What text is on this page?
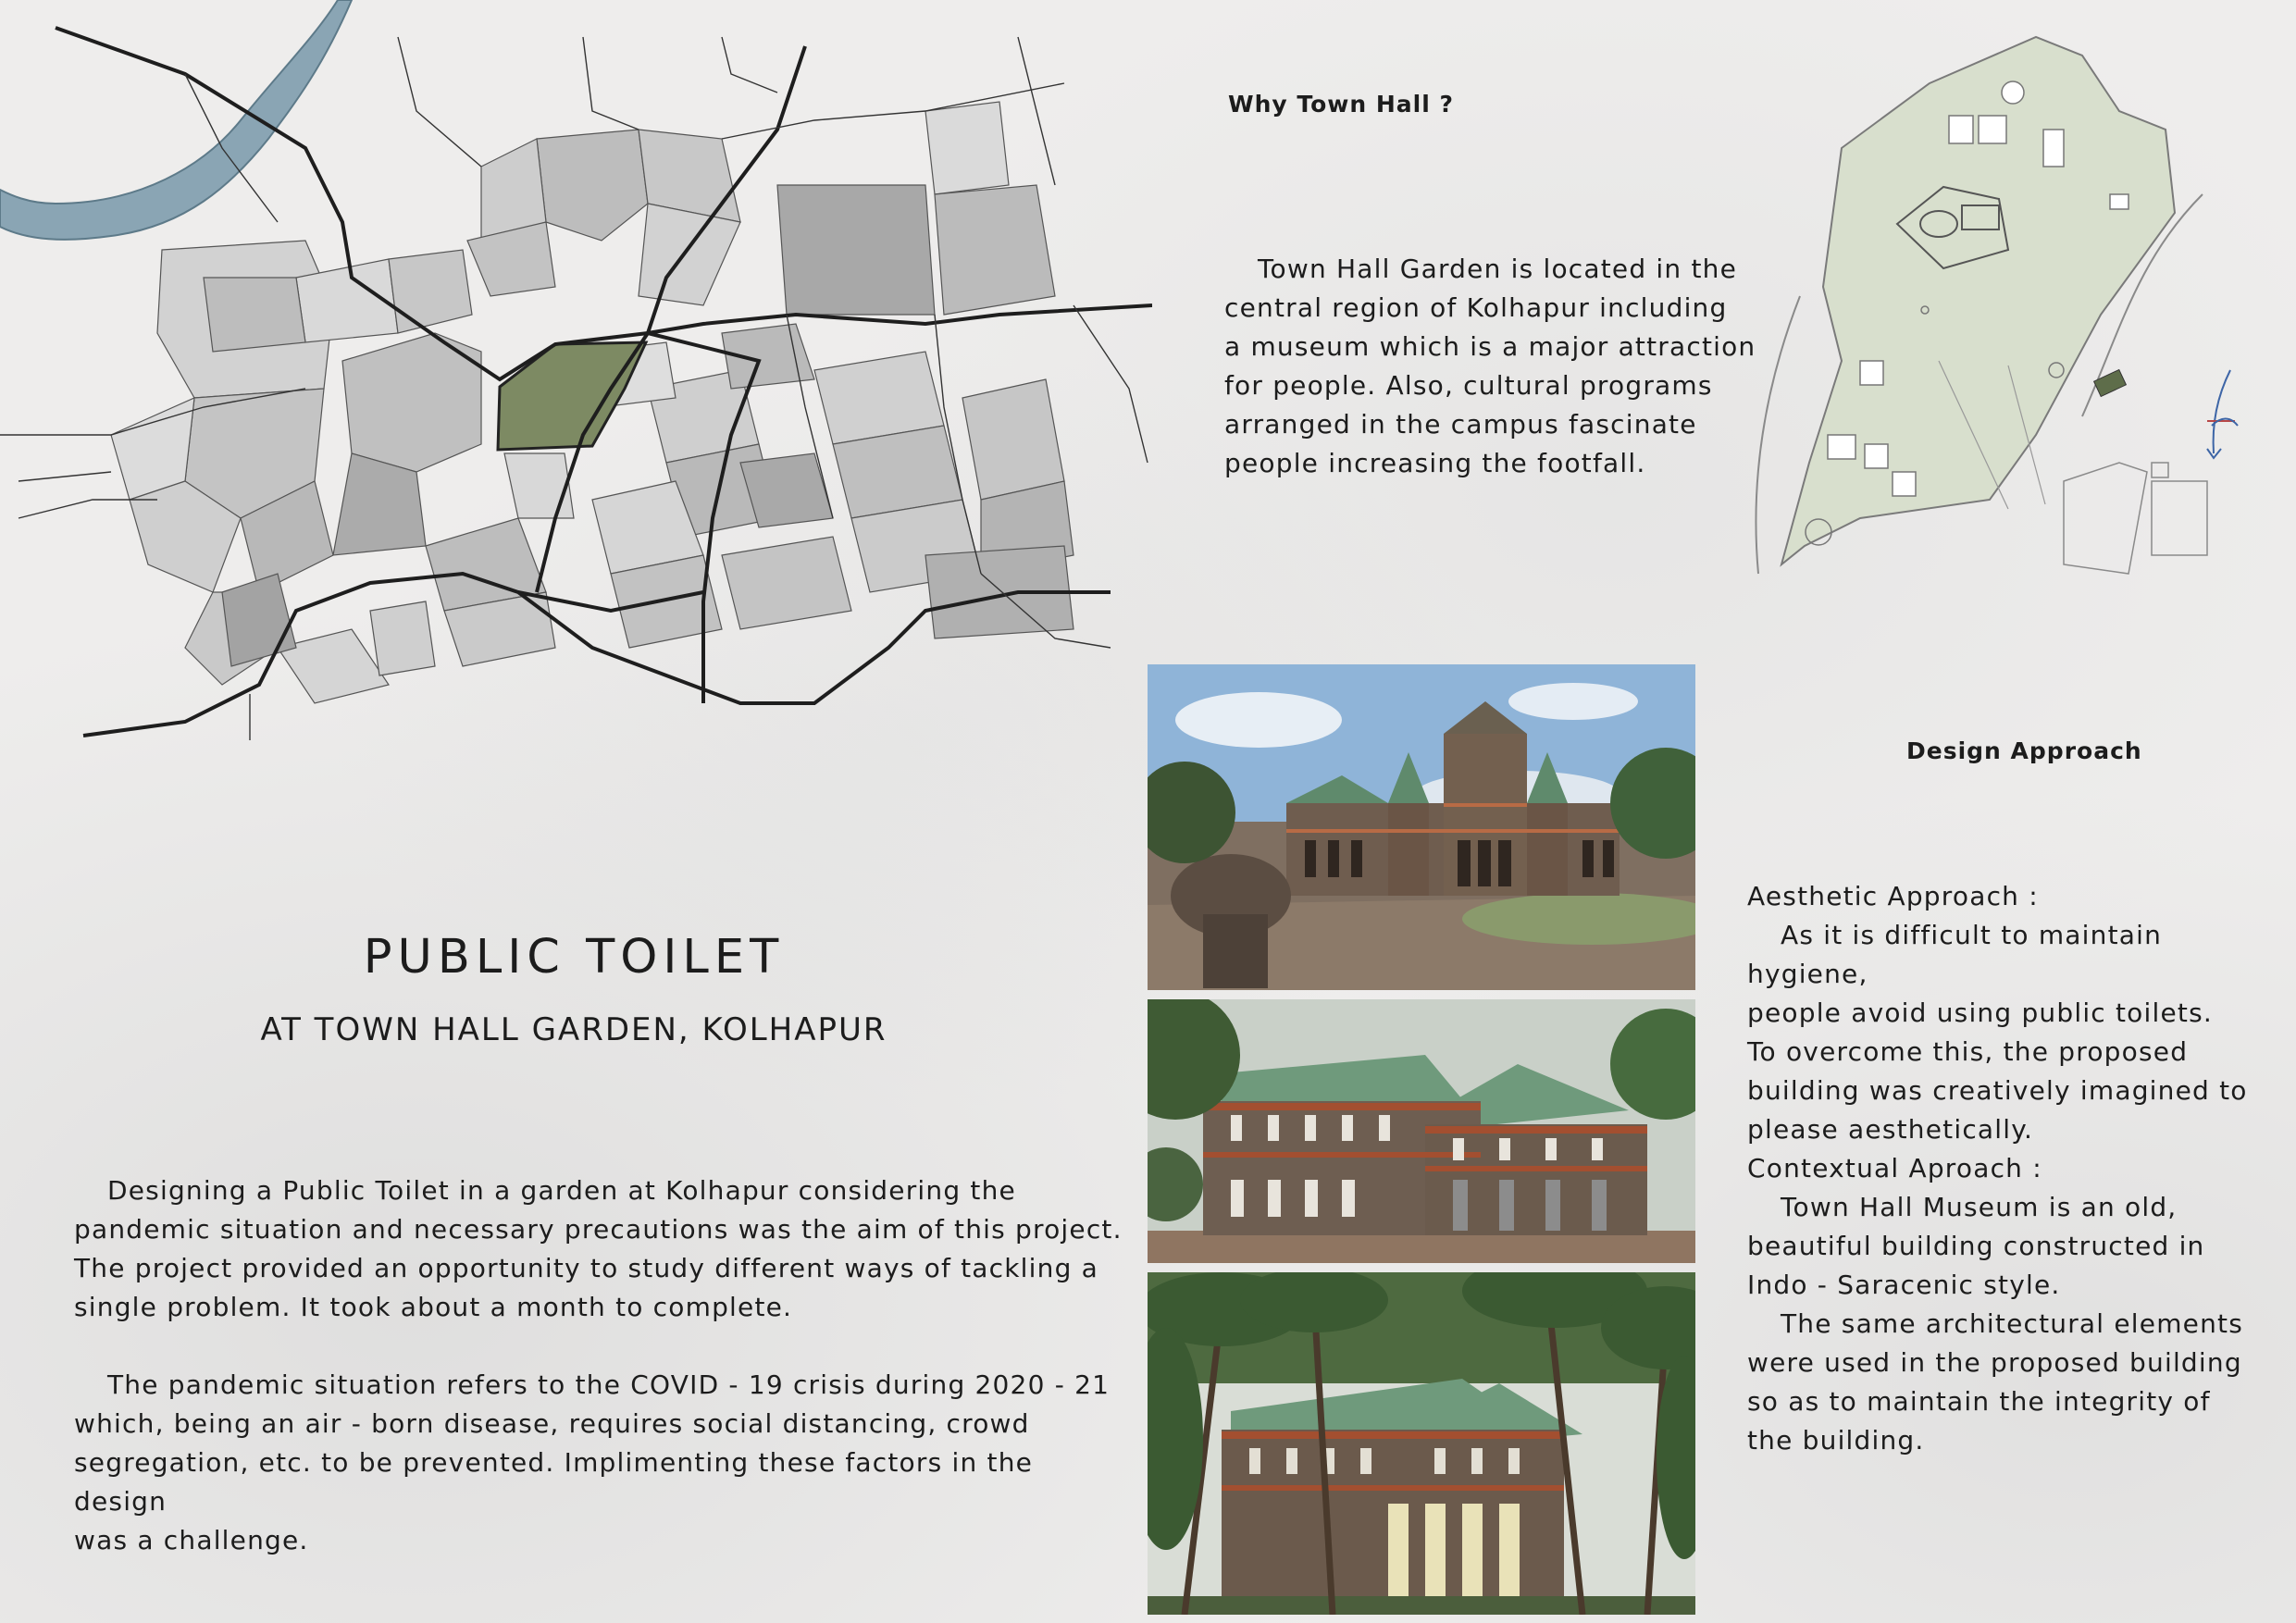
Why Town Hall ?
Town Hall Garden is located in the
central region of Kolhapur including
a museum which is a major attraction
for people. Also, cultural programs
arranged in the campus fascinate
people increasing the footfall.
Design Approach
Aesthetic Approach :
As it is difficult to maintain hygiene,
people avoid using public toilets.
To overcome this, the proposed
building was creatively imagined to
please aesthetically.
Contextual Aproach :
Town Hall Museum is an old,
beautiful building constructed in
Indo - Saracenic style.
The same architectural elements
were used in the proposed building
so as to maintain the integrity of
the building.
PUBLIC TOILET
AT TOWN HALL GARDEN, KOLHAPUR
Designing a Public Toilet in a garden at Kolhapur considering the
pandemic situation and necessary precautions was the aim of this project.
The project provided an opportunity to study different ways of tackling a
single problem. It took about a month to complete.
The pandemic situation refers to the COVID - 19 crisis during 2020 - 21
which, being an air - born disease, requires social distancing, crowd
segregation, etc. to be prevented. Implimenting these factors in the design
was a challenge.
